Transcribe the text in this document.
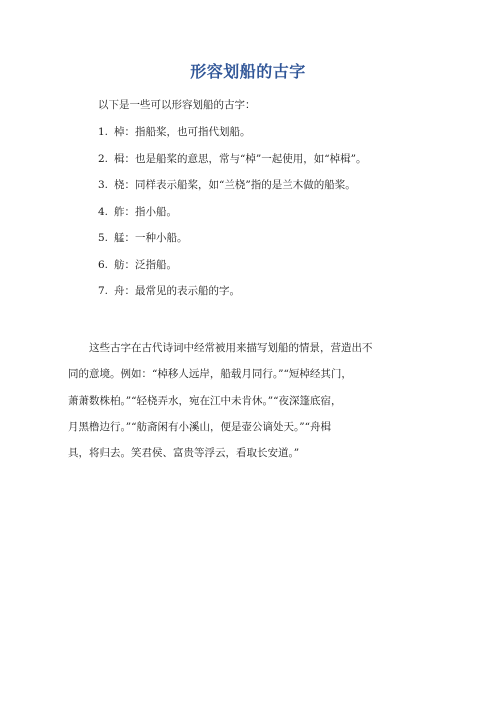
形容划船的古字
以下是一些可以形容划船的古字：
1. 棹：指船桨，也可指代划船。
2. 楫：也是船桨的意思，常与“棹”一起使用，如“棹楫”。
3. 桡：同样表示船桨，如“兰桡”指的是兰木做的船桨。
4. 舴：指小船。
5. 艋：一种小船。
6. 舫：泛指船。
7. 舟：最常见的表示船的字。

这些古字在古代诗词中经常被用来描写划船的情景，营造出不

同的意境。例如：“棹移人远岸，船载月同行。”“短棹经其门，

萧萧数株柏。”“轻桡弄水，宛在江中未肯休。”“夜深篷底宿，

月黑橹边行。”“舫斋闲有小溪山，便是壶公谪处天。”“舟楫

具，将归去。笑君侯、富贵等浮云，看取长安道。”
